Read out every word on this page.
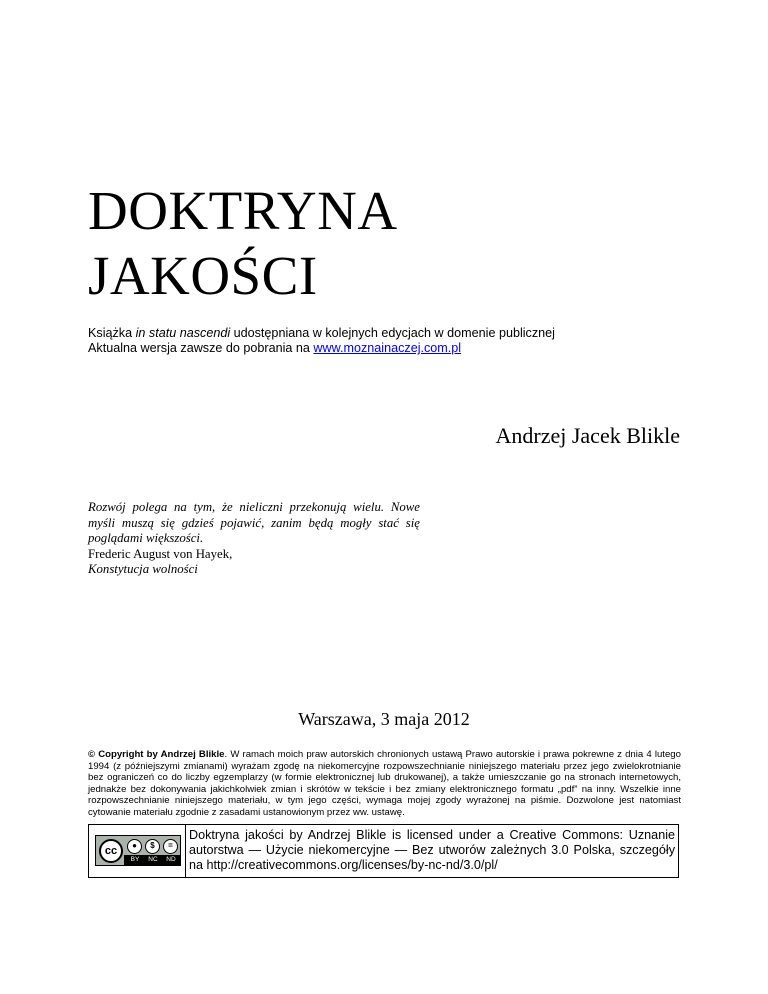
DOKTRYNA
JAKOŚCI
Książka in statu nascendi udostępniana w kolejnych edycjach w domenie publicznej
Aktualna wersja zawsze do pobrania na www.moznainaczej.com.pl
Andrzej Jacek Blikle

Rozwój polega na tym, że nieliczni przekonują wielu. Nowe myśli muszą się gdzieś pojawić, zanim będą mogły stać się poglądami większości.

Frederic August von Hayek,

Konstytucja wolności

Warszawa, 3 maja 2012
© Copyright by Andrzej Blikle. W ramach moich praw autorskich chronionych ustawą Prawo autorskie i prawa pokrewne z dnia 4 lutego 1994 (z późniejszymi zmianami) wyrażam zgodę na niekomercyjne rozpowszechnianie niniejszego materiału przez jego zwielokrotnianie bez ograniczeń co do liczby egzemplarzy (w formie elektronicznej lub drukowanej), a także umieszczanie go na stronach internetowych, jednakże bez dokonywania jakichkolwiek zmian i skrótów w tekście i bez zmiany elektronicznego formatu „pdf” na inny. Wszelkie inne rozpowszechnianie niniejszego materiału, w tym jego części, wymaga mojej zgody wyrażonej na piśmie. Dozwolone jest natomiast cytowanie materiału zgodnie z zasadami ustanowionym przez ww. ustawę.
cc	●	$	=
BY	NC	ND
Doktryna jakości by Andrzej Blikle is licensed under a Creative Commons: Uznanie autorstwa — Użycie niekomercyjne — Bez utworów zależnych 3.0 Polska, szczegóły na http://creativecommons.org/licenses/by-nc-nd/3.0/pl/
